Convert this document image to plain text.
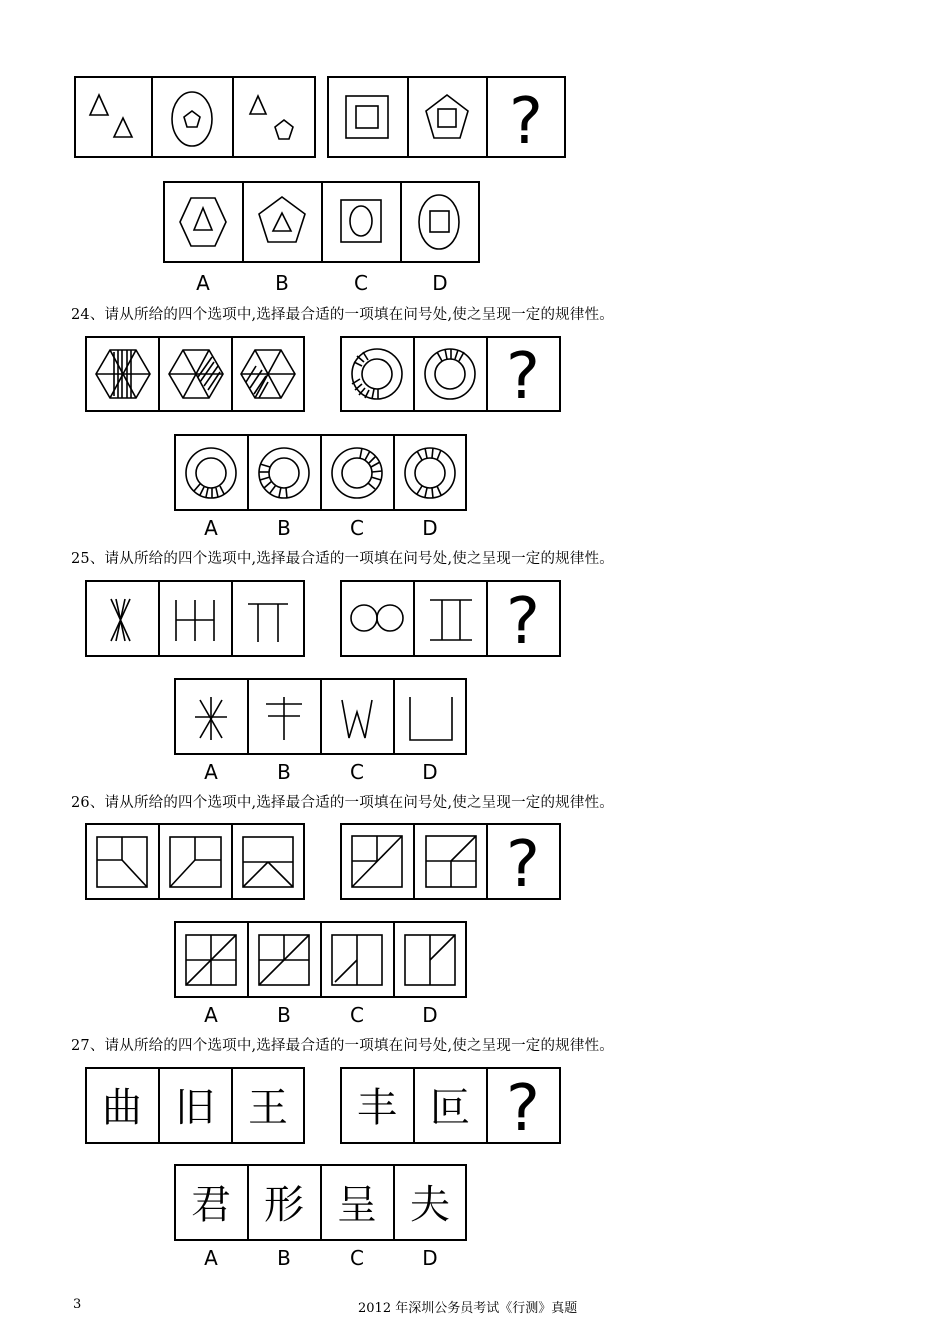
24、请从所给的四个选项中,选择最合适的一项填在问号处,使之呈现一定的规律性。
25、请从所给的四个选项中,选择最合适的一项填在问号处,使之呈现一定的规律性。
26、请从所给的四个选项中,选择最合适的一项填在问号处,使之呈现一定的规律性。
27、请从所给的四个选项中,选择最合适的一项填在问号处,使之呈现一定的规律性。
?
?
?
?
曲 旧 王 丰 叵 ?
君 形 呈 夫
A	B	C	D
A	B	C	D
A	B	C	D
A	B	C	D
A	B	C	D
3	2012 年深圳公务员考试《行测》真题
